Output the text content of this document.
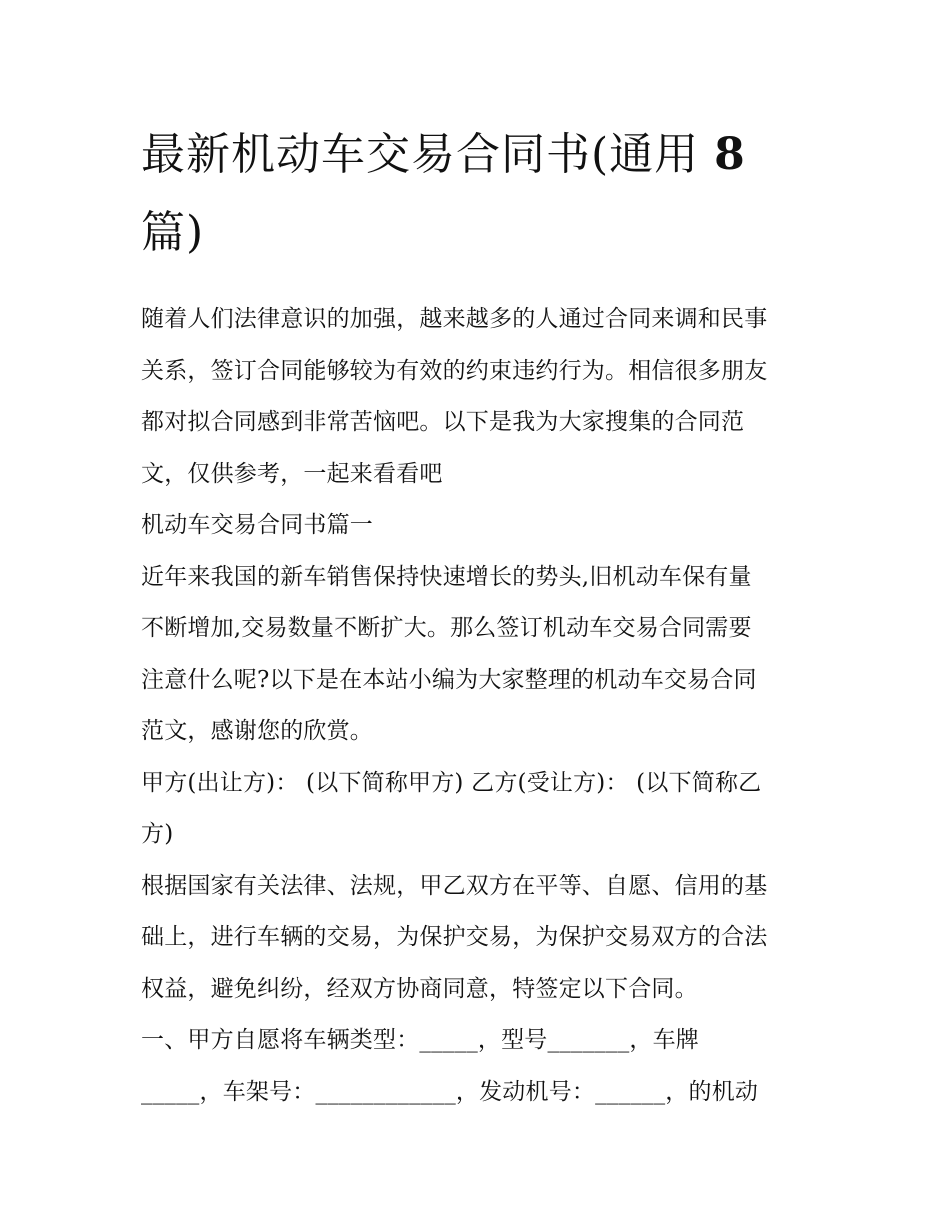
最新机动车交易合同书(通用 8
篇)

随着人们法律意识的加强，越来越多的人通过合同来调和民事

关系，签订合同能够较为有效的约束违约行为。相信很多朋友

都对拟合同感到非常苦恼吧。以下是我为大家搜集的合同范

文，仅供参考，一起来看看吧

机动车交易合同书篇一

近年来我国的新车销售保持快速增长的势头,旧机动车保有量

不断增加,交易数量不断扩大。那么签订机动车交易合同需要

注意什么呢?以下是在本站小编为大家整理的机动车交易合同

范文，感谢您的欣赏。

甲方(出让方)： (以下简称甲方) 乙方(受让方)： (以下简称乙

方)

根据国家有关法律、法规，甲乙双方在平等、自愿、信用的基

础上，进行车辆的交易，为保护交易，为保护交易双方的合法

权益，避免纠纷，经双方协商同意，特签定以下合同。

一、甲方自愿将车辆类型：_____，型号_______，车牌

_____，车架号：____________，发动机号：______，的机动
